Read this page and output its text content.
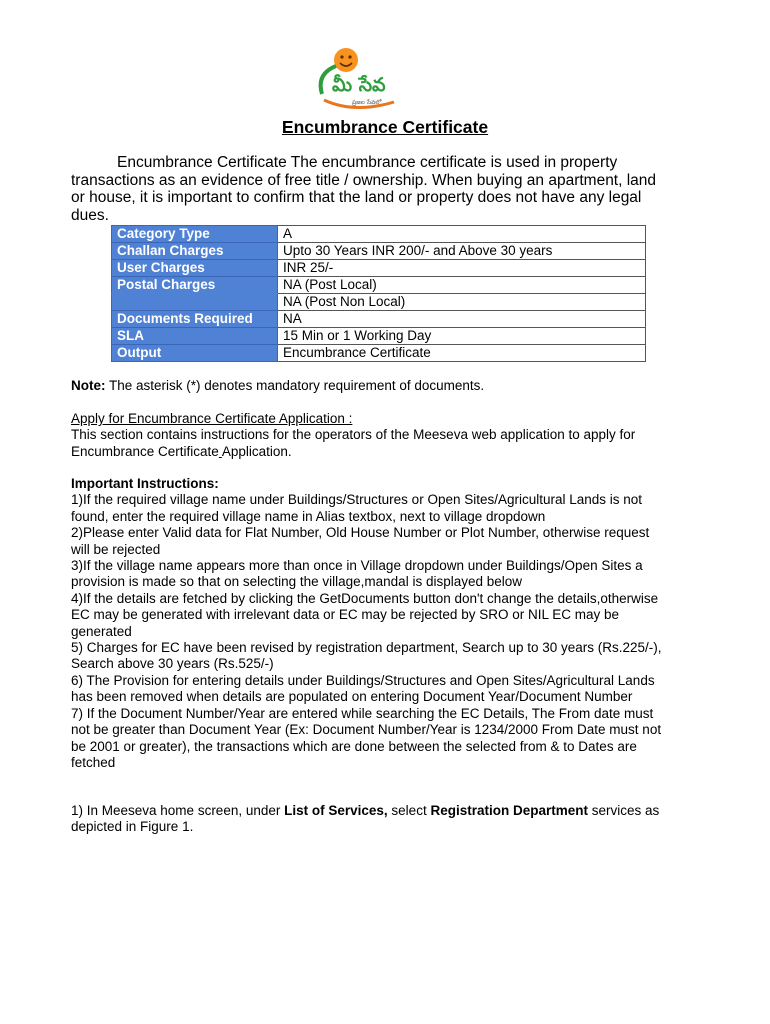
మీ సేవ
ప్రజల సేవలో
Encumbrance Certificate
Encumbrance Certificate The encumbrance certificate is used in property transactions as an evidence of free title / ownership. When buying an apartment, land or house, it is important to confirm that the land or property does not have any legal dues.
Category Type	A
Challan Charges	Upto 30 Years INR 200/- and Above 30 years
User Charges	INR 25/-
Postal Charges	NA (Post Local)
	NA (Post Non Local)
Documents Required	NA
SLA	15 Min or 1 Working Day
Output	Encumbrance Certificate
Note: The asterisk (*) denotes mandatory requirement of documents.

Apply for Encumbrance Certificate Application :

This section contains instructions for the operators of the Meeseva web application to apply for Encumbrance Certificate Application.

Important Instructions:

1)If the required village name under Buildings/Structures or Open Sites/Agricultural Lands is not found, enter the required village name in Alias textbox, next to village dropdown

2)Please enter Valid data for Flat Number, Old House Number or Plot Number, otherwise request will be rejected

3)If the village name appears more than once in Village dropdown under Buildings/Open Sites a provision is made so that on selecting the village,mandal is displayed below

4)If the details are fetched by clicking the GetDocuments button don't change the details,otherwise EC may be generated with irrelevant data or EC may be rejected by SRO or NIL EC may be generated

5) Charges for EC have been revised by registration department, Search up to 30 years (Rs.225/-), Search above 30 years (Rs.525/-)

6) The Provision for entering details under Buildings/Structures and Open Sites/Agricultural Lands has been removed when details are populated on entering Document Year/Document Number

7) If the Document Number/Year are entered while searching the EC Details, The From date must not be greater than Document Year (Ex: Document Number/Year is 1234/2000 From Date must not be 2001 or greater), the transactions which are done between the selected from & to Dates are fetched

1) In Meeseva home screen, under List of Services, select Registration Department services as depicted in Figure 1.
